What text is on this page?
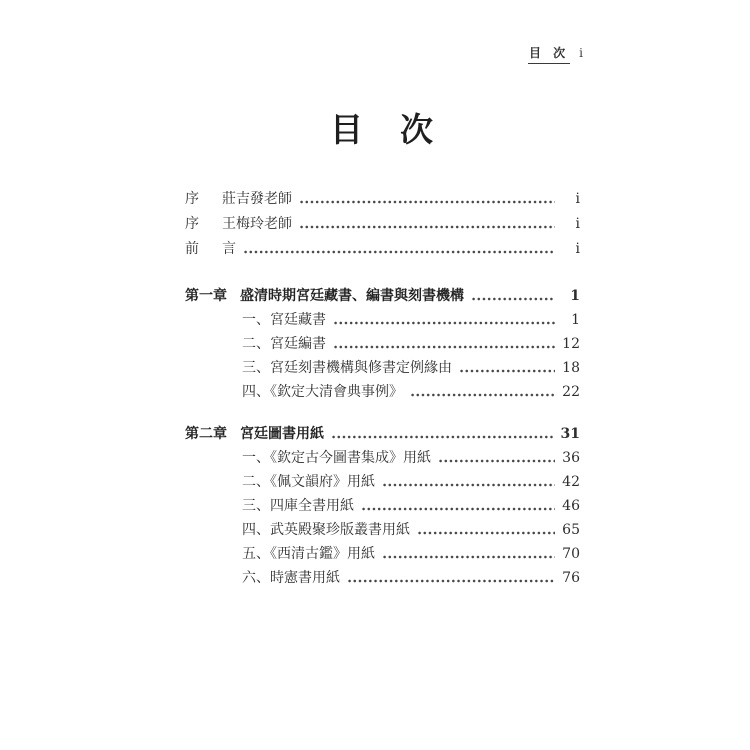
目 次 i
目　次
序	莊吉發老師	i
序	王梅玲老師	i
前	言	i
第一章 盛清時期宮廷藏書、編書與刻書機構	1
一、宮廷藏書	1
二、宮廷編書	12
三、宮廷刻書機構與修書定例緣由	18
四、《欽定大清會典事例》	22
第二章 宮廷圖書用紙	31
一、《欽定古今圖書集成》用紙	36
二、《佩文韻府》用紙	42
三、四庫全書用紙	46
四、武英殿聚珍版叢書用紙	65
五、《西清古鑑》用紙	70
六、時憲書用紙	76
